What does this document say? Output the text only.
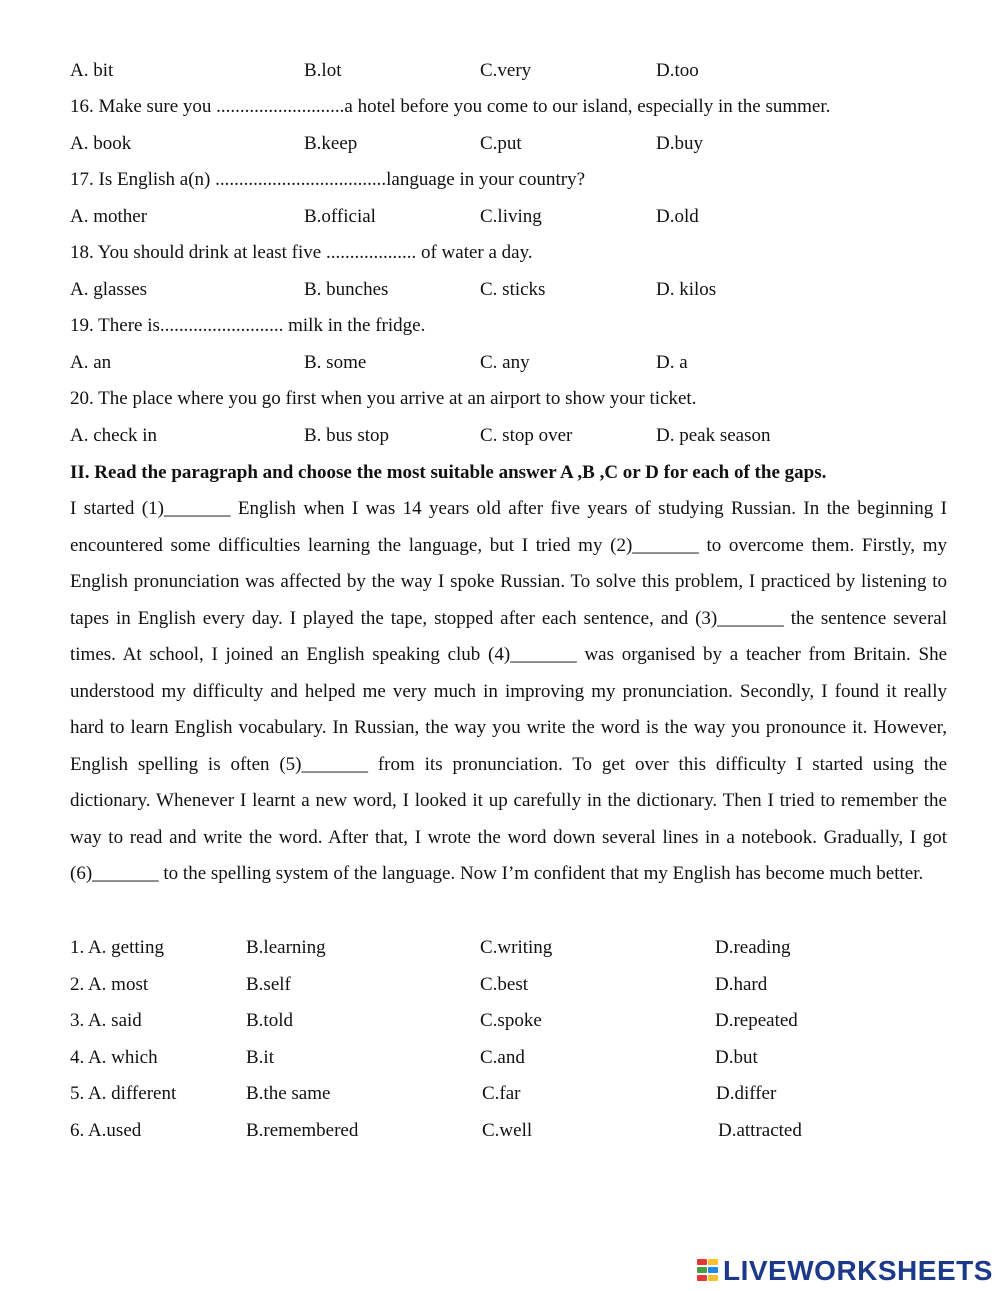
A. bit	B.lot	C.very	D.too
16. Make sure you ...........................a hotel before you come to our island, especially in the summer.
A. book	B.keep	C.put	D.buy
17. Is English a(n) ....................................language in your country?
A. mother	B.official	C.living	D.old
18. You should drink at least five ................... of water a day.
A. glasses	B. bunches	C. sticks	D. kilos
19. There is.......................... milk in the fridge.
A. an	B. some	C. any	D. a
20. The place where you go first when you arrive at an airport to show your ticket.
A. check in	B. bus stop	C. stop over	D. peak season
II. Read the paragraph and choose the most suitable answer A ,B ,C or D for each of the gaps.
I started (1)_______ English when I was 14 years old after five years of studying Russian. In the beginning I encountered some difficulties learning the language, but I tried my (2)_______ to overcome them. Firstly, my English pronunciation was affected by the way I spoke Russian. To solve this problem, I practiced by listening to tapes in English every day. I played the tape, stopped after each sentence, and (3)_______ the sentence several times. At school, I joined an English speaking club (4)_______ was organised by a teacher from Britain. She understood my difficulty and helped me very much in improving my pronunciation. Secondly, I found it really hard to learn English vocabulary. In Russian, the way you write the word is the way you pronounce it. However, English spelling is often (5)_______ from its pronunciation. To get over this difficulty I started using the dictionary. Whenever I learnt a new word, I looked it up carefully in the dictionary. Then I tried to remember the way to read and write the word. After that, I wrote the word down several lines in a notebook. Gradually, I got (6)_______ to the spelling system of the language. Now I’m confident that my English has become much better.
1. A. getting	B.learning	C.writing	D.reading
2. A. most	B.self	C.best	D.hard
3. A. said	B.told	C.spoke	D.repeated
4. A. which	B.it	C.and	D.but
5. A. different	B.the same	C.far	D.differ
6. A.used	B.remembered	C.well	D.attracted
LIVEWORKSHEETS
